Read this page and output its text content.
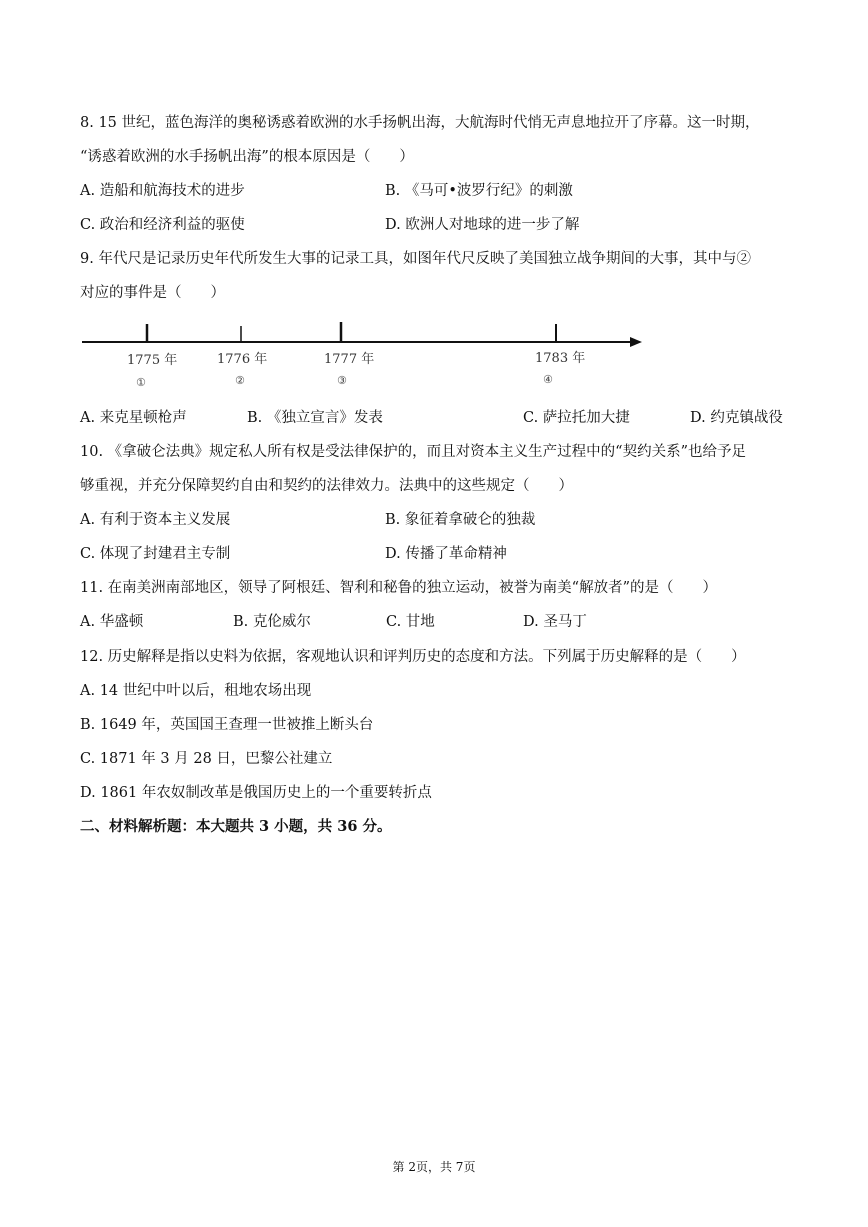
8. 15 世纪，蓝色海洋的奥秘诱惑着欧洲的水手扬帆出海，大航海时代悄无声息地拉开了序幕。这一时期，
“诱惑着欧洲的水手扬帆出海”的根本原因是（　　）
A. 造船和航海技术的进步	B. 《马可•波罗行纪》的刺激
C. 政治和经济利益的驱使	D. 欧洲人对地球的进一步了解
9. 年代尺是记录历史年代所发生大事的记录工具，如图年代尺反映了美国独立战争期间的大事，其中与②
对应的事件是（　　）
1775 年	1776 年	1777 年	1783 年
①	②	③	④
A. 来克星顿枪声	B. 《独立宣言》发表	C. 萨拉托加大捷	D. 约克镇战役
10. 《拿破仑法典》规定私人所有权是受法律保护的，而且对资本主义生产过程中的“契约关系”也给予足
够重视，并充分保障契约自由和契约的法律效力。法典中的这些规定（　　）
A. 有利于资本主义发展	B. 象征着拿破仑的独裁
C. 体现了封建君主专制	D. 传播了革命精神
11. 在南美洲南部地区，领导了阿根廷、智利和秘鲁的独立运动，被誉为南美“解放者”的是（　　）
A. 华盛顿	B. 克伦威尔	C. 甘地	D. 圣马丁
12. 历史解释是指以史料为依据，客观地认识和评判历史的态度和方法。下列属于历史解释的是（　　）
A. 14 世纪中叶以后，租地农场出现
B. 1649 年，英国国王查理一世被推上断头台
C. 1871 年 3 月 28 日，巴黎公社建立
D. 1861 年农奴制改革是俄国历史上的一个重要转折点
二、材料解析题：本大题共 3 小题，共 36 分。
第 2页，共 7页
